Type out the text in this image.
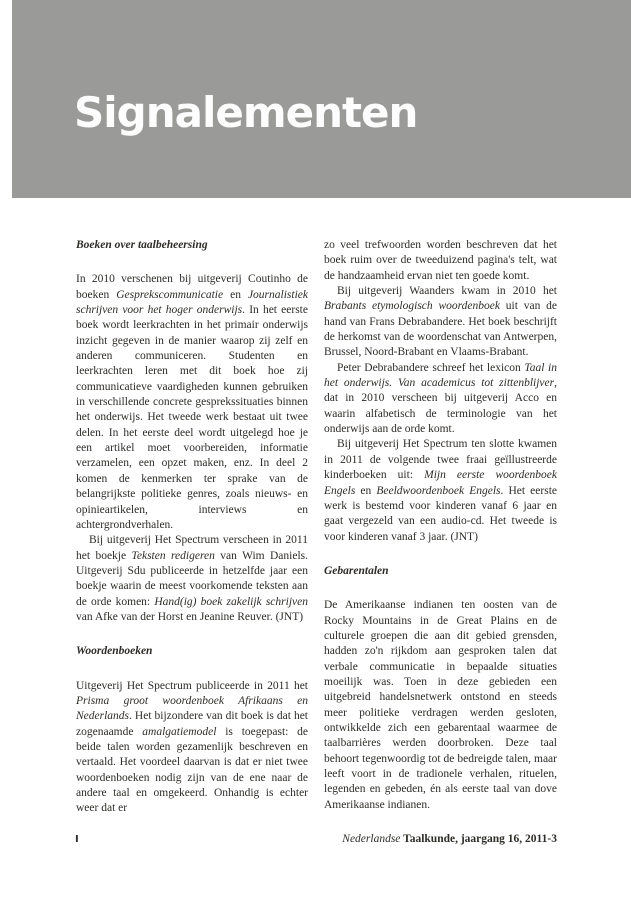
Signalementen
Boeken over taalbeheersing

In 2010 verschenen bij uitgeverij Coutinho de boeken Gesprekscommunicatie en Journalistiek schrijven voor het hoger onderwijs. In het eerste boek wordt leerkrachten in het primair onderwijs inzicht gegeven in de manier waarop zij zelf en anderen communiceren. Studenten en leerkrachten leren met dit boek hoe zij communicatieve vaardigheden kunnen gebruiken in verschillende concrete gesprekssituaties binnen het onderwijs. Het tweede werk bestaat uit twee delen. In het eerste deel wordt uitgelegd hoe je een artikel moet voorbereiden, informatie verzamelen, een opzet maken, enz. In deel 2 komen de kenmerken ter sprake van de belangrijkste politieke genres, zoals nieuws- en opinieartikelen, interviews en achtergrondverhalen.

Bij uitgeverij Het Spectrum verscheen in 2011 het boekje Teksten redigeren van Wim Daniels. Uitgeverij Sdu publiceerde in hetzelfde jaar een boekje waarin de meest voorkomende teksten aan de orde komen: Hand(ig) boek zakelijk schrijven van Afke van der Horst en Jeanine Reuver. (JNT)

Woordenboeken

Uitgeverij Het Spectrum publiceerde in 2011 het Prisma groot woordenboek Afrikaans en Nederlands. Het bijzondere van dit boek is dat het zogenaamde amalgatiemodel is toegepast: de beide talen worden gezamenlijk beschreven en vertaald. Het voordeel daarvan is dat er niet twee woordenboeken nodig zijn van de ene naar de andere taal en omgekeerd. Onhandig is echter weer dat er

zo veel trefwoorden worden beschreven dat het boek ruim over de tweeduizend pagina's telt, wat de handzaamheid ervan niet ten goede komt.

Bij uitgeverij Waanders kwam in 2010 het Brabants etymologisch woordenboek uit van de hand van Frans Debrabandere. Het boek beschrijft de herkomst van de woordenschat van Antwerpen, Brussel, Noord-Brabant en Vlaams-Brabant.

Peter Debrabandere schreef het lexicon Taal in het onderwijs. Van academicus tot zittenblijver, dat in 2010 verscheen bij uitgeverij Acco en waarin alfabetisch de terminologie van het onderwijs aan de orde komt.

Bij uitgeverij Het Spectrum ten slotte kwamen in 2011 de volgende twee fraai geïllustreerde kinderboeken uit: Mijn eerste woordenboek Engels en Beeldwoordenboek Engels. Het eerste werk is bestemd voor kinderen vanaf 6 jaar en gaat vergezeld van een audio-cd. Het tweede is voor kinderen vanaf 3 jaar. (JNT)

Gebarentalen

De Amerikaanse indianen ten oosten van de Rocky Mountains in de Great Plains en de culturele groepen die aan dit gebied grensden, hadden zo'n rijkdom aan gesproken talen dat verbale communicatie in bepaalde situaties moeilijk was. Toen in deze gebieden een uitgebreid handelsnetwerk ontstond en steeds meer politieke verdragen werden gesloten, ontwikkelde zich een gebarentaal waarmee de taalbarrières werden doorbroken. Deze taal behoort tegenwoordig tot de bedreigde talen, maar leeft voort in de tradionele verhalen, rituelen, legenden en gebeden, én als eerste taal van dove Amerikaanse indianen.

I	Nederlandse Taalkunde, jaargang 16, 2011-3
